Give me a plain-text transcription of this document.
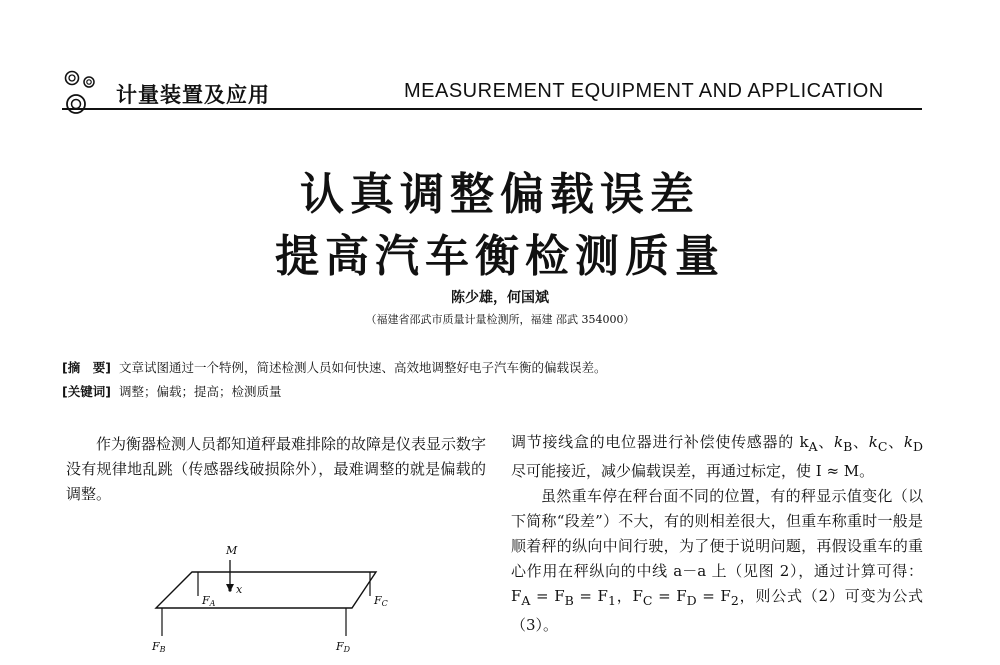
计量装置及应用	MEASUREMENT EQUIPMENT AND APPLICATION
认真调整偏载误差
提高汽车衡检测质量
陈少雄，何国斌
（福建省邵武市质量计量检测所，福建 邵武 354000）
[摘　要] 文章试图通过一个特例，简述检测人员如何快速、高效地调整好电子汽车衡的偏载误差。
[关键词] 调整；偏载；提高；检测质量

作为衡器检测人员都知道秤最难排除的故障是仪表显示数字没有规律地乱跳（传感器线破损除外），最难调整的就是偏载的调整。

M
x
FA	FC
FB	FD

调节接线盒的电位器进行补偿使传感器的 $k_A$、$k_B$、$k_C$、$k_D$ 尽可能接近，减少偏载误差，再通过标定，使 I ≈ M。

虽然重车停在秤台面不同的位置，有的秤显示值变化（以下简称“段差”）不大，有的则相差很大，但重车称重时一般是顺着秤的纵向中间行驶，为了便于说明问题，再假设重车的重心作用在秤纵向的中线 a－a 上（见图 2），通过计算可得：$F_A = F_B = F_1$，$F_C = F_D = F_2$，则公式（2）可变为公式（3）。
